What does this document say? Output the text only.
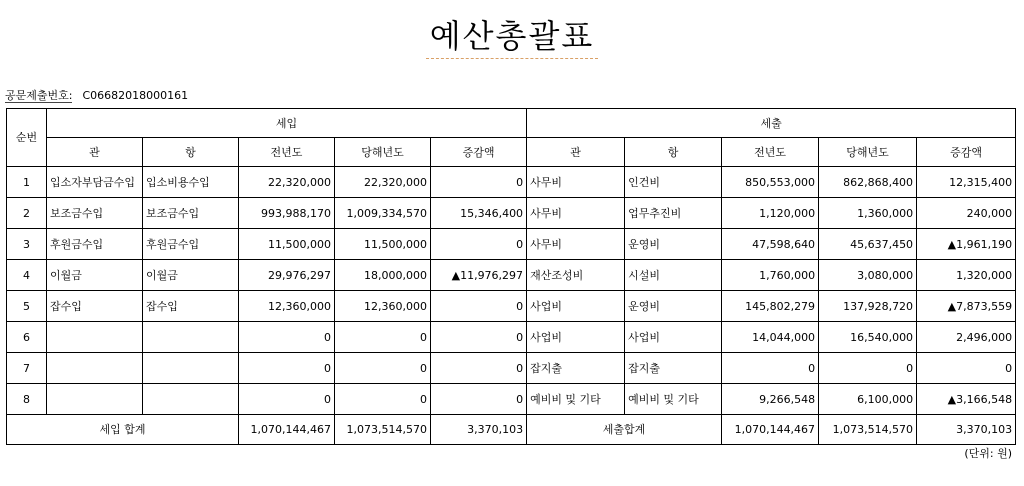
예산총괄표
공문제출번호: C06682018000161
순번	세입					세출				
	관	항	전년도	당해년도	증감액	관	항	전년도	당해년도	증감액
1	입소자부담금수입	입소비용수입	22,320,000	22,320,000	0	사무비	인건비	850,553,000	862,868,400	12,315,400
2	보조금수입	보조금수입	993,988,170	1,009,334,570	15,346,400	사무비	업무추진비	1,120,000	1,360,000	240,000
3	후원금수입	후원금수입	11,500,000	11,500,000	0	사무비	운영비	47,598,640	45,637,450	▲1,961,190
4	이월금	이월금	29,976,297	18,000,000	▲11,976,297	재산조성비	시설비	1,760,000	3,080,000	1,320,000
5	잡수입	잡수입	12,360,000	12,360,000	0	사업비	운영비	145,802,279	137,928,720	▲7,873,559
6			0	0	0	사업비	사업비	14,044,000	16,540,000	2,496,000
7			0	0	0	잡지출	잡지출	0	0	0
8			0	0	0	예비비 및 기타	예비비 및 기타	9,266,548	6,100,000	▲3,166,548
세입 합계			1,070,144,467	1,073,514,570	3,370,103	세출합계		1,070,144,467	1,073,514,570	3,370,103
(단위: 원)
